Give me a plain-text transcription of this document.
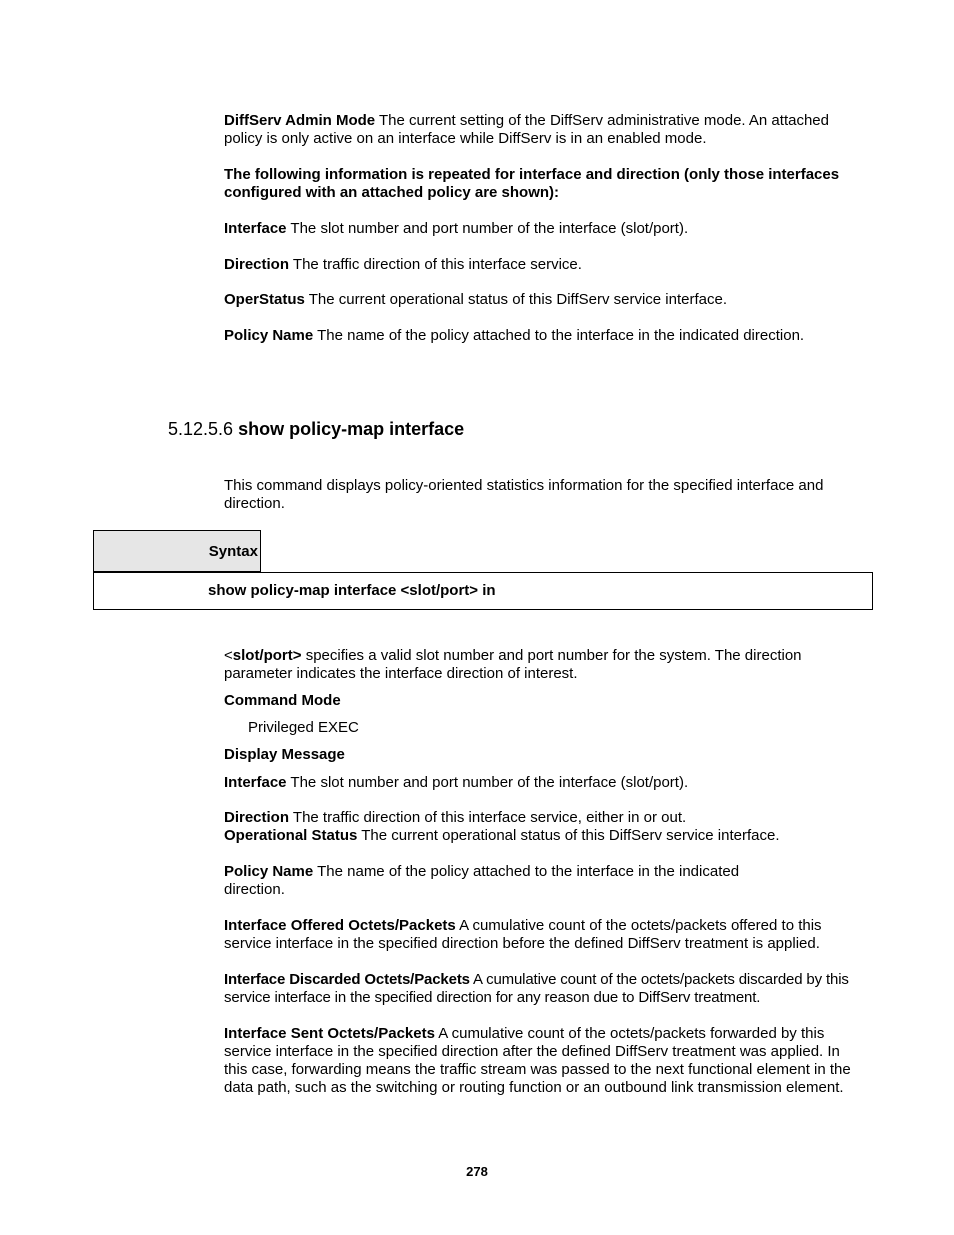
DiffServ Admin Mode The current setting of the DiffServ administrative mode. An attached policy is only active on an interface while DiffServ is in an enabled mode.

The following information is repeated for interface and direction (only those interfaces configured with an attached policy are shown):

Interface The slot number and port number of the interface (slot/port).

Direction The traffic direction of this interface service.

OperStatus The current operational status of this DiffServ service interface.

Policy Name The name of the policy attached to the interface in the indicated direction.

5.12.5.6 show policy-map interface

This command displays policy-oriented statistics information for the specified interface and direction.

Syntax
show policy-map interface <slot/port> in

<slot/port> specifies a valid slot number and port number for the system. The direction parameter indicates the interface direction of interest.

Command Mode

Privileged EXEC

Display Message

Interface The slot number and port number of the interface (slot/port).

Direction The traffic direction of this interface service, either in or out.

Operational Status The current operational status of this DiffServ service interface.

Policy Name The name of the policy attached to the interface in the indicated direction.

Interface Offered Octets/Packets A cumulative count of the octets/packets offered to this service interface in the specified direction before the defined DiffServ treatment is applied.

Interface Discarded Octets/Packets A cumulative count of the octets/packets discarded by this service interface in the specified direction for any reason due to DiffServ treatment.

Interface Sent Octets/Packets A cumulative count of the octets/packets forwarded by this service interface in the specified direction after the defined DiffServ treatment was applied. In this case, forwarding means the traffic stream was passed to the next functional element in the data path, such as the switching or routing function or an outbound link transmission element.

278
